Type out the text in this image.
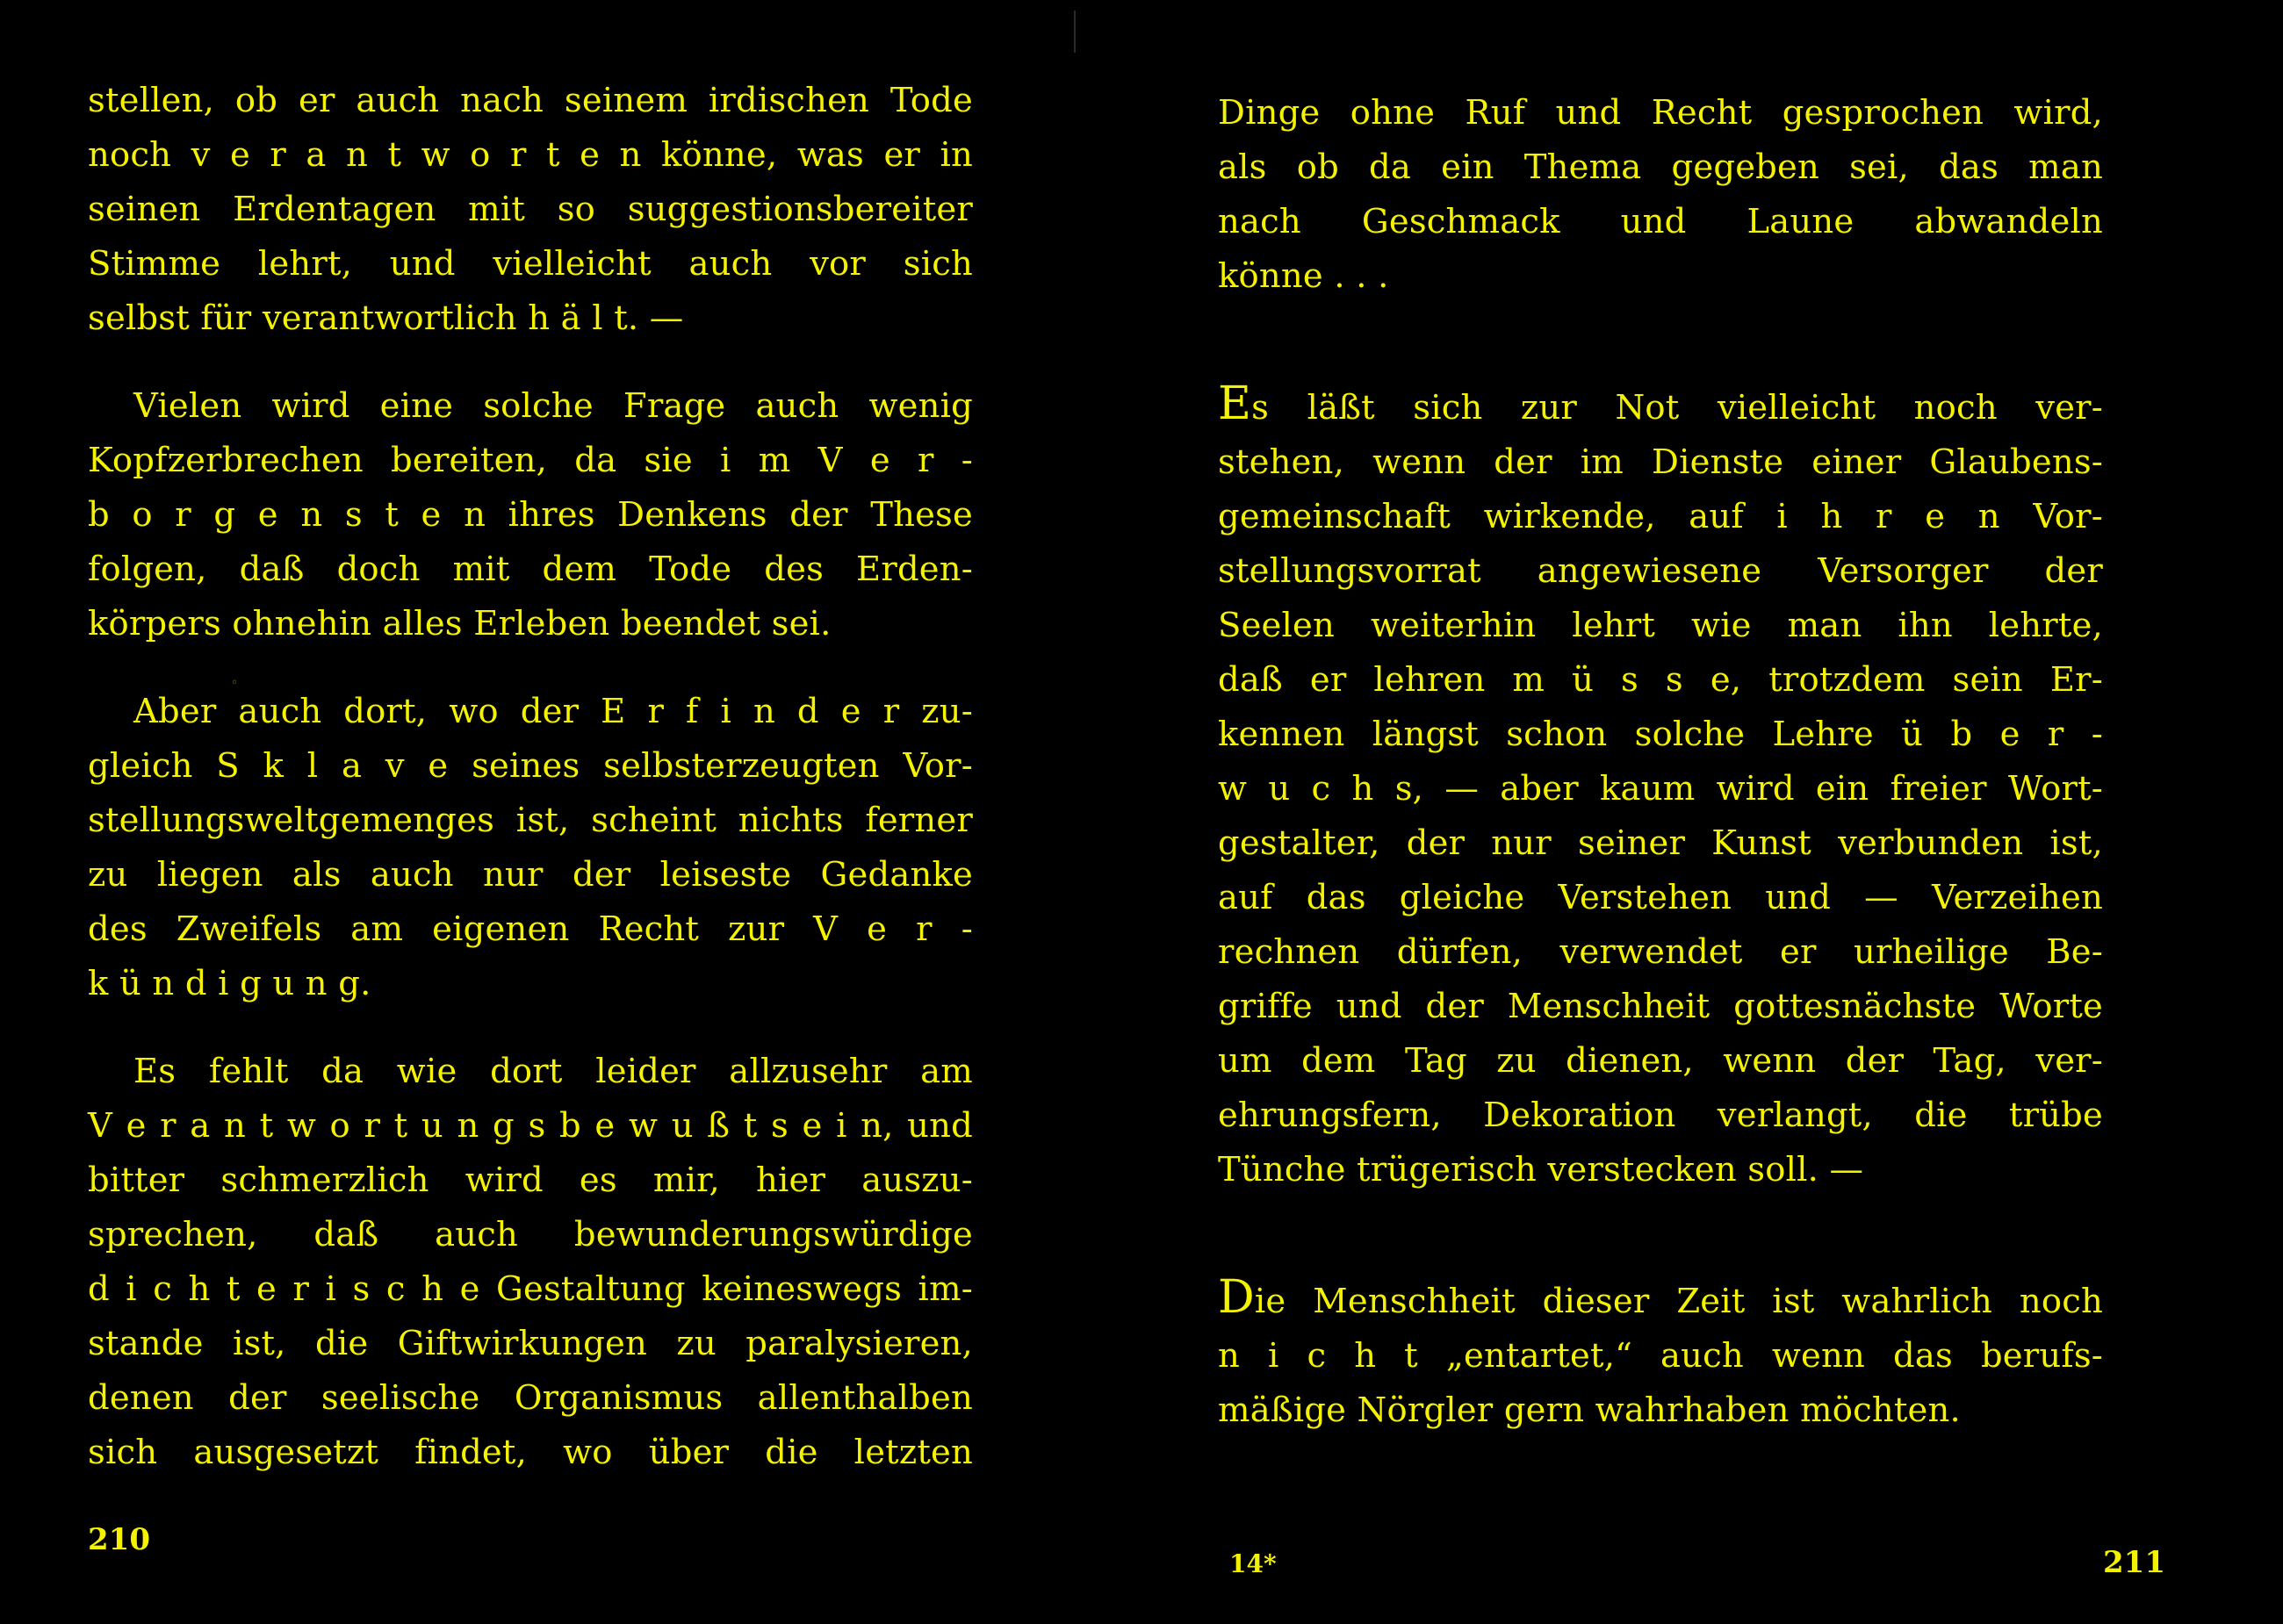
stellen, ob er auch nach seinem irdischen Tode
noch v e r a n t w o r t e n könne, was er in
seinen Erdentagen mit so suggestionsbereiter
Stimme lehrt, und vielleicht auch vor sich
selbst für verantwortlich h ä l t. —
Vielen wird eine solche Frage auch wenig
Kopfzerbrechen bereiten, da sie i m V e r -
b o r g e n s t e n ihres Denkens der These
folgen, daß doch mit dem Tode des Erden-
körpers ohnehin alles Erleben beendet sei.
Aber auch dort, wo der E r f i n d e r zu-
gleich S k l a v e seines selbsterzeugten Vor-
stellungsweltgemenges ist, scheint nichts ferner
zu liegen als auch nur der leiseste Gedanke
des Zweifels am eigenen Recht zur V e r -
k ü n d i g u n g.
Es fehlt da wie dort leider allzusehr am
V e r a n t w o r t u n g s b e w u ß t s e i n, und
bitter schmerzlich wird es mir, hier auszu-
sprechen, daß auch bewunderungswürdige
d i c h t e r i s c h e Gestaltung keineswegs im-
stande ist, die Giftwirkungen zu paralysieren,
denen der seelische Organismus allenthalben
sich ausgesetzt findet, wo über die letzten
◦
210
Dinge ohne Ruf und Recht gesprochen wird,
als ob da ein Thema gegeben sei, das man
nach Geschmack und Laune abwandeln
könne . . .
Es läßt sich zur Not vielleicht noch ver-
stehen, wenn der im Dienste einer Glaubens-
gemeinschaft wirkende, auf i h r e n Vor-
stellungsvorrat angewiesene Versorger der
Seelen weiterhin lehrt wie man ihn lehrte,
daß er lehren m ü s s e, trotzdem sein Er-
kennen längst schon solche Lehre ü b e r -
w u c h s, — aber kaum wird ein freier Wort-
gestalter, der nur seiner Kunst verbunden ist,
auf das gleiche Verstehen und — Verzeihen
rechnen dürfen, verwendet er urheilige Be-
griffe und der Menschheit gottesnächste Worte
um dem Tag zu dienen, wenn der Tag, ver-
ehrungsfern, Dekoration verlangt, die trübe
Tünche trügerisch verstecken soll. —
Die Menschheit dieser Zeit ist wahrlich noch
n i c h t „entartet,“ auch wenn das berufs-
mäßige Nörgler gern wahrhaben möchten.
14*	211
